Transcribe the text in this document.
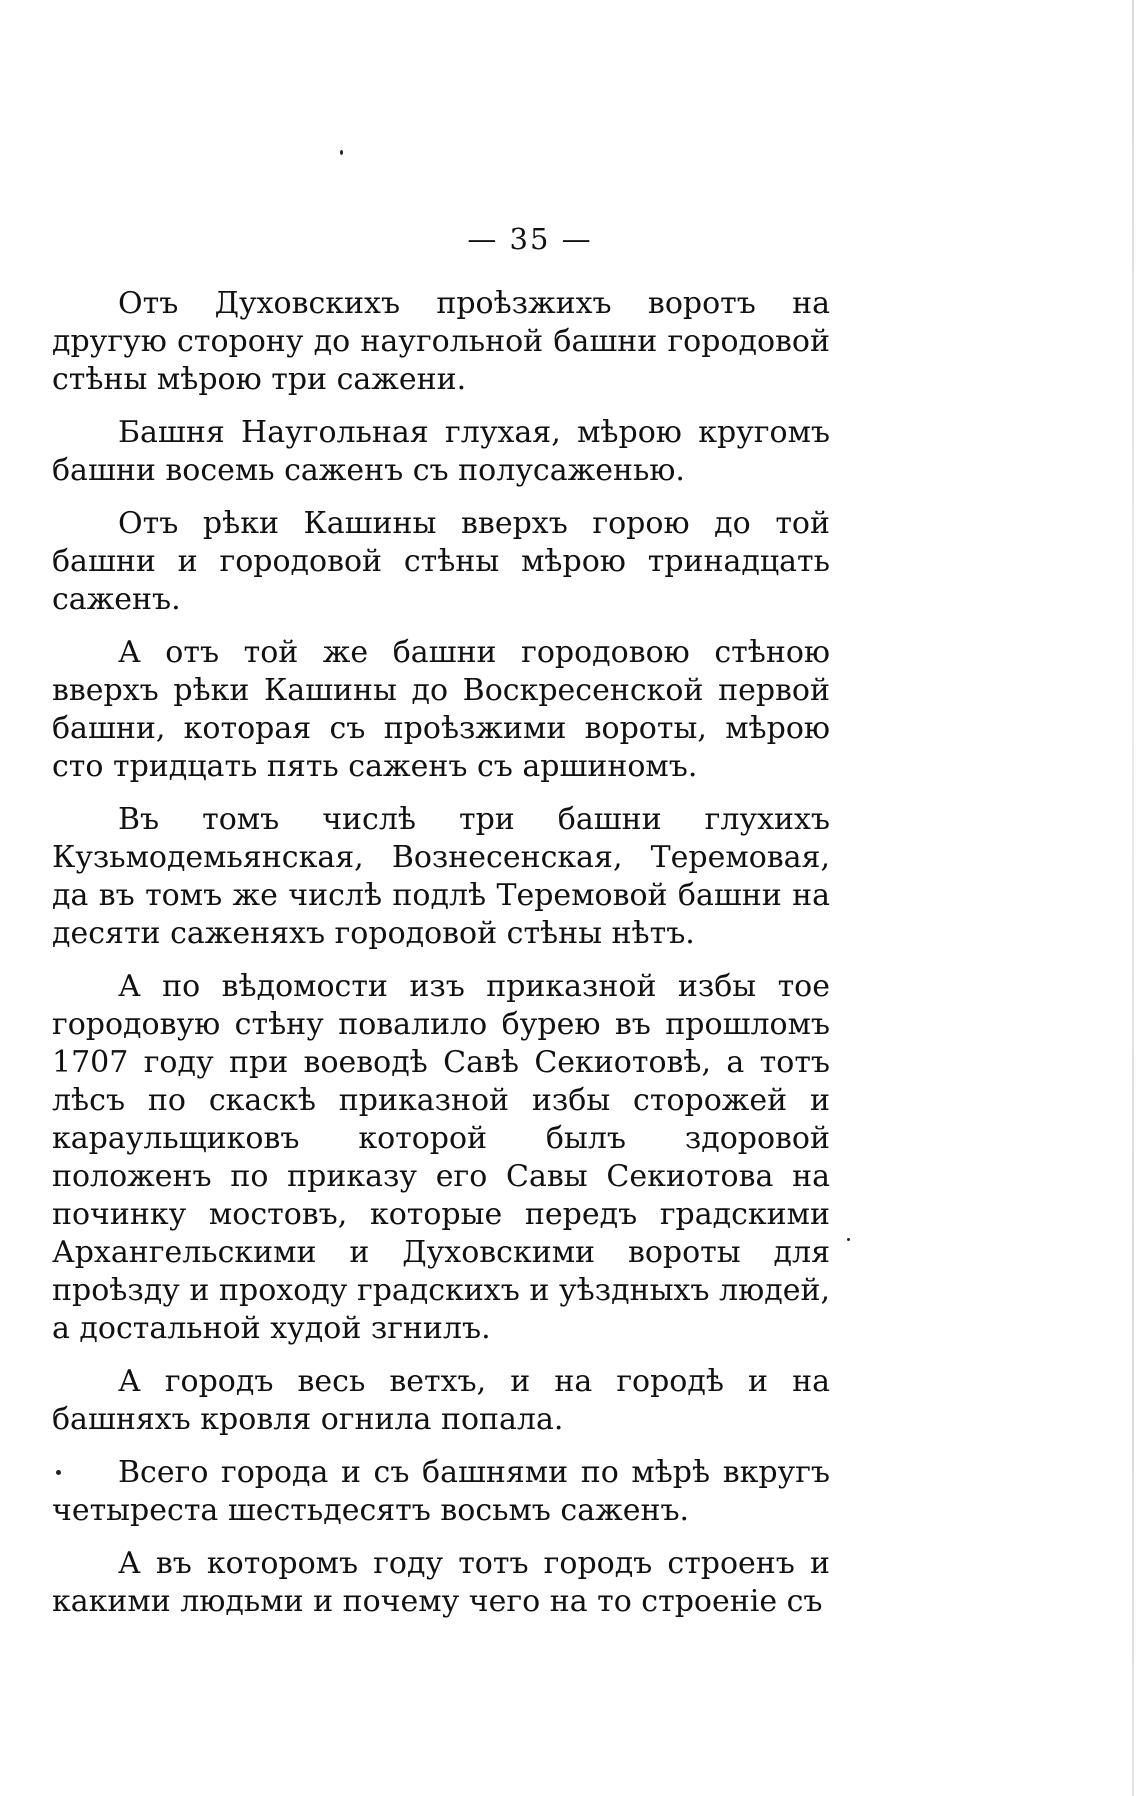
— 35 —

Отъ Духовскихъ проѣзжихъ воротъ на другую сторону до наугольной башни городовой стѣны мѣрою три сажени.

Башня Наугольная глухая, мѣрою кругомъ башни восемь саженъ съ полусаженью.

Отъ рѣки Кашины вверхъ горою до той башни и городовой стѣны мѣрою тринадцать саженъ.

А отъ той же башни городовою стѣною вверхъ рѣки Кашины до Воскресенской первой башни, которая съ проѣзжими вороты, мѣрою сто тридцать пять саженъ съ аршиномъ.

Въ томъ числѣ три башни глухихъ Кузьмодемьянская, Вознесенская, Теремовая, да въ томъ же числѣ подлѣ Теремовой башни на десяти саженяхъ городовой стѣны нѣтъ.

А по вѣдомости изъ приказной избы тое городовую стѣну повалило бурею въ прошломъ 1707 году при воеводѣ Савѣ Секиотовѣ, а тотъ лѣсъ по скаскѣ приказной избы сторожей и караульщиковъ которой былъ здоровой положенъ по приказу его Савы Секиотова на починку мостовъ, которые передъ градскими Архангельскими и Духовскими вороты для проѣзду и проходу градскихъ и уѣздныхъ людей, а достальной худой згнилъ.

А городъ весь ветхъ, и на городѣ и на башняхъ кровля огнила попала.

Всего города и съ башнями по мѣрѣ вкругъ четыреста шестьдесятъ восьмъ саженъ.

А въ которомъ году тотъ городъ строенъ и какими людьми и почему чего на то строеніе съ
